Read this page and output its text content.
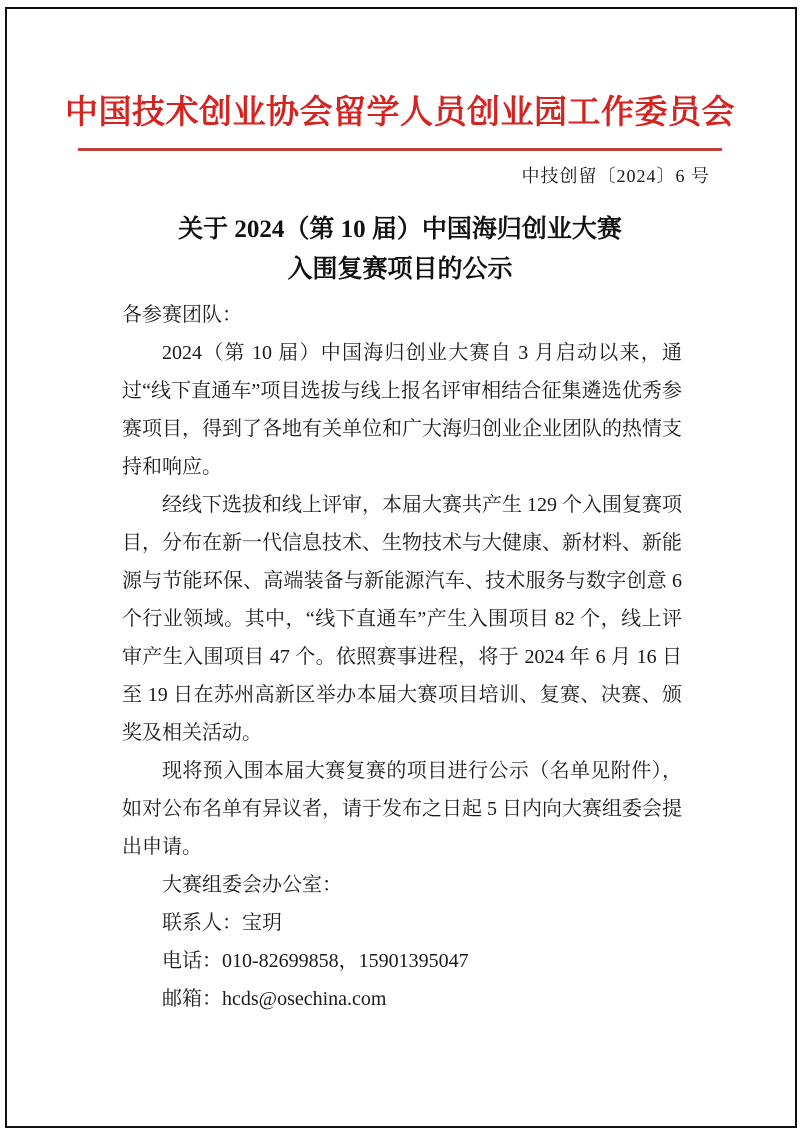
中国技术创业协会留学人员创业园工作委员会
中技创留〔2024〕6 号
关于 2024（第 10 届）中国海归创业大赛
入围复赛项目的公示

各参赛团队：

2024（第 10 届）中国海归创业大赛自 3 月启动以来，通过“线下直通车”项目选拔与线上报名评审相结合征集遴选优秀参赛项目，得到了各地有关单位和广大海归创业企业团队的热情支持和响应。

经线下选拔和线上评审，本届大赛共产生 129 个入围复赛项目，分布在新一代信息技术、生物技术与大健康、新材料、新能源与节能环保、高端装备与新能源汽车、技术服务与数字创意 6 个行业领域。其中，“线下直通车”产生入围项目 82 个，线上评审产生入围项目 47 个。依照赛事进程，将于 2024 年 6 月 16 日至 19 日在苏州高新区举办本届大赛项目培训、复赛、决赛、颁奖及相关活动。

现将预入围本届大赛复赛的项目进行公示（名单见附件），如对公布名单有异议者，请于发布之日起 5 日内向大赛组委会提出申请。

大赛组委会办公室：

联系人：宝玥

电话：010-82699858，15901395047

邮箱：hcds@osechina.com
